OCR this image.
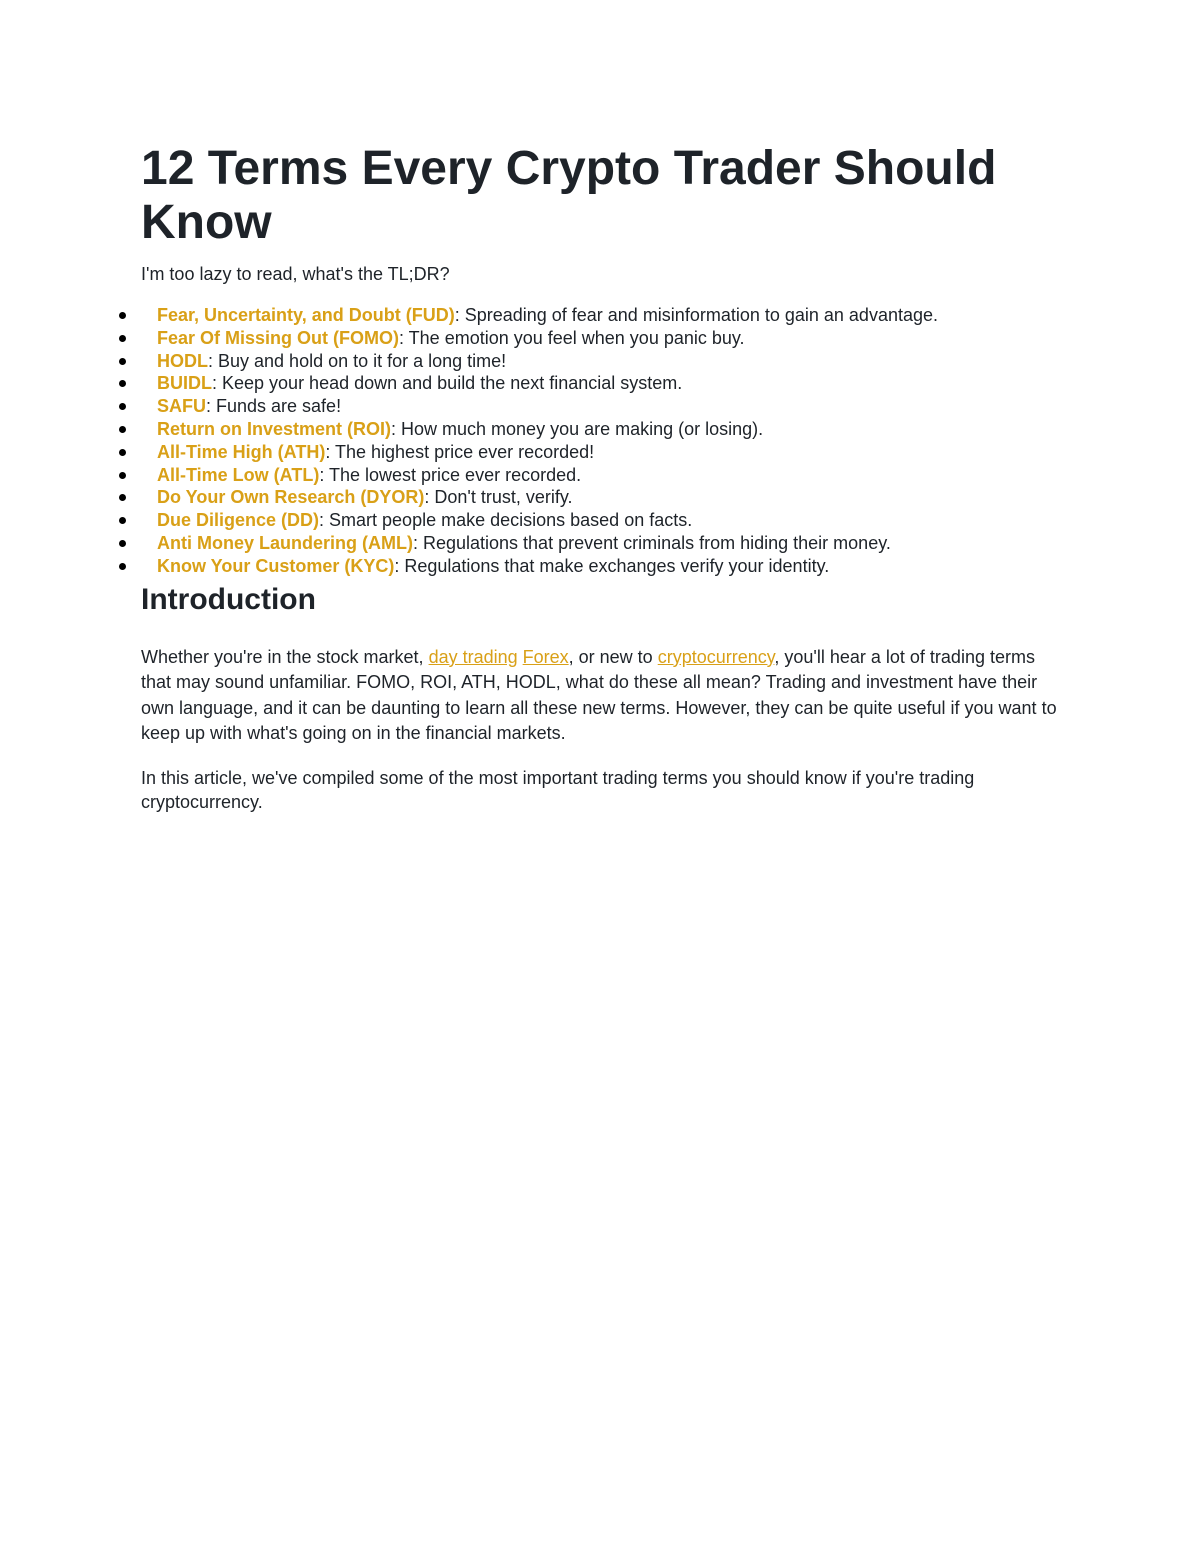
12 Terms Every Crypto Trader Should Know

I'm too lazy to read, what's the TL;DR?

Fear, Uncertainty, and Doubt (FUD): Spreading of fear and misinformation to gain an advantage.
Fear Of Missing Out (FOMO): The emotion you feel when you panic buy.
HODL: Buy and hold on to it for a long time!
BUIDL: Keep your head down and build the next financial system.
SAFU: Funds are safe!
Return on Investment (ROI): How much money you are making (or losing).
All-Time High (ATH): The highest price ever recorded!
All-Time Low (ATL): The lowest price ever recorded.
Do Your Own Research (DYOR): Don't trust, verify.
Due Diligence (DD): Smart people make decisions based on facts.
Anti Money Laundering (AML): Regulations that prevent criminals from hiding their money.
Know Your Customer (KYC): Regulations that make exchanges verify your identity.
Introduction

Whether you're in the stock market, day trading Forex, or new to cryptocurrency, you'll hear a lot of trading terms that may sound unfamiliar. FOMO, ROI, ATH, HODL, what do these all mean? Trading and investment have their own language, and it can be daunting to learn all these new terms. However, they can be quite useful if you want to keep up with what's going on in the financial markets.

In this article, we've compiled some of the most important trading terms you should know if you're trading cryptocurrency.
